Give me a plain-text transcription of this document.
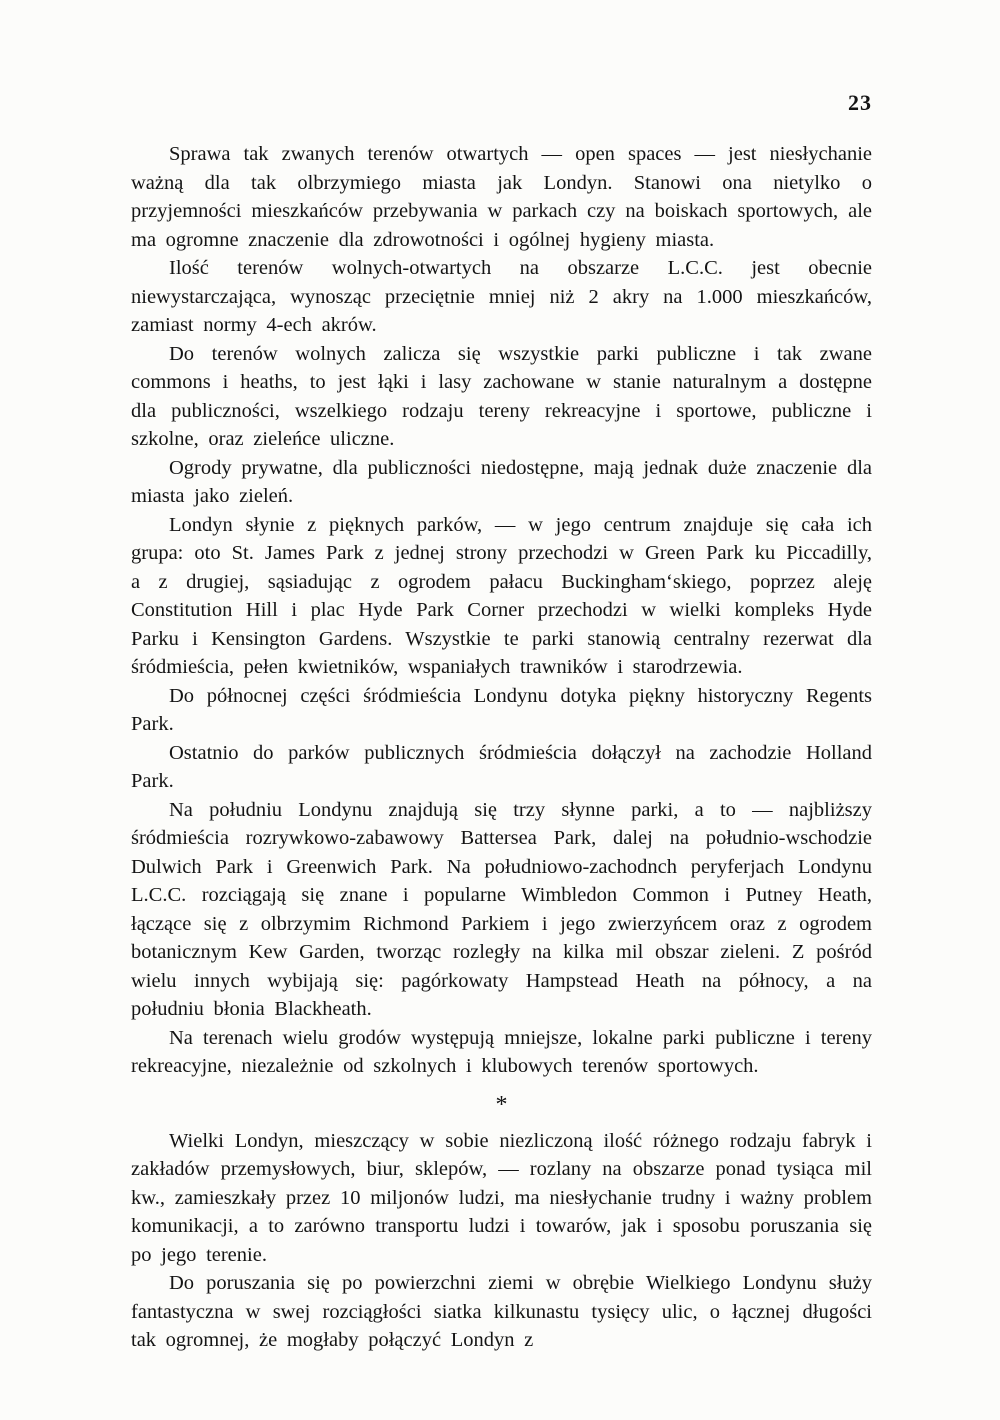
23

Sprawa tak zwanych terenów otwartych — open spaces — jest niesłychanie ważną dla tak olbrzymiego miasta jak Londyn. Stanowi ona nietylko o przyjemności mieszkańców przebywania w parkach czy na boiskach sportowych, ale ma ogromne znaczenie dla zdrowotności i ogólnej hygieny miasta.

Ilość terenów wolnych-otwartych na obszarze L.C.C. jest obecnie niewystarczająca, wynosząc przeciętnie mniej niż 2 akry na 1.000 mieszkańców, zamiast normy 4-ech akrów.

Do terenów wolnych zalicza się wszystkie parki publiczne i tak zwane commons i heaths, to jest łąki i lasy zachowane w stanie naturalnym a dostępne dla publiczności, wszelkiego rodzaju tereny rekreacyjne i sportowe, publiczne i szkolne, oraz zieleńce uliczne.

Ogrody prywatne, dla publiczności niedostępne, mają jednak duże znaczenie dla miasta jako zieleń.

Londyn słynie z pięknych parków, — w jego centrum znajduje się cała ich grupa: oto St. James Park z jednej strony przechodzi w Green Park ku Piccadilly, a z drugiej, sąsiadując z ogrodem pałacu Buckingham‘skiego, poprzez aleję Constitution Hill i plac Hyde Park Corner przechodzi w wielki kompleks Hyde Parku i Kensington Gardens. Wszystkie te parki stanowią centralny rezerwat dla śródmieścia, pełen kwietników, wspaniałych trawników i starodrzewia.

Do północnej części śródmieścia Londynu dotyka piękny historyczny Regents Park.

Ostatnio do parków publicznych śródmieścia dołączył na zachodzie Holland Park.

Na południu Londynu znajdują się trzy słynne parki, a to — najbliższy śródmieścia rozrywkowo-zabawowy Battersea Park, dalej na południo-wschodzie Dulwich Park i Greenwich Park. Na południowo-zachodnch peryferjach Londynu L.C.C. rozciągają się znane i popularne Wimbledon Common i Putney Heath, łączące się z olbrzymim Richmond Parkiem i jego zwierzyńcem oraz z ogrodem botanicznym Kew Garden, tworząc rozległy na kilka mil obszar zieleni. Z pośród wielu innych wybijają się: pagórkowaty Hampstead Heath na północy, a na południu błonia Blackheath.

Na terenach wielu grodów występują mniejsze, lokalne parki publiczne i tereny rekreacyjne, niezależnie od szkolnych i klubowych terenów sportowych.

*

Wielki Londyn, mieszczący w sobie niezliczoną ilość różnego rodzaju fabryk i zakładów przemysłowych, biur, sklepów, — rozlany na obszarze ponad tysiąca mil kw., zamieszkały przez 10 miljonów ludzi, ma niesłychanie trudny i ważny problem komunikacji, a to zarówno transportu ludzi i towarów, jak i sposobu poruszania się po jego terenie.

Do poruszania się po powierzchni ziemi w obrębie Wielkiego Londynu służy fantastyczna w swej rozciągłości siatka kilkunastu tysięcy ulic, o łącznej długości tak ogromnej, że mogłaby połączyć Londyn z
